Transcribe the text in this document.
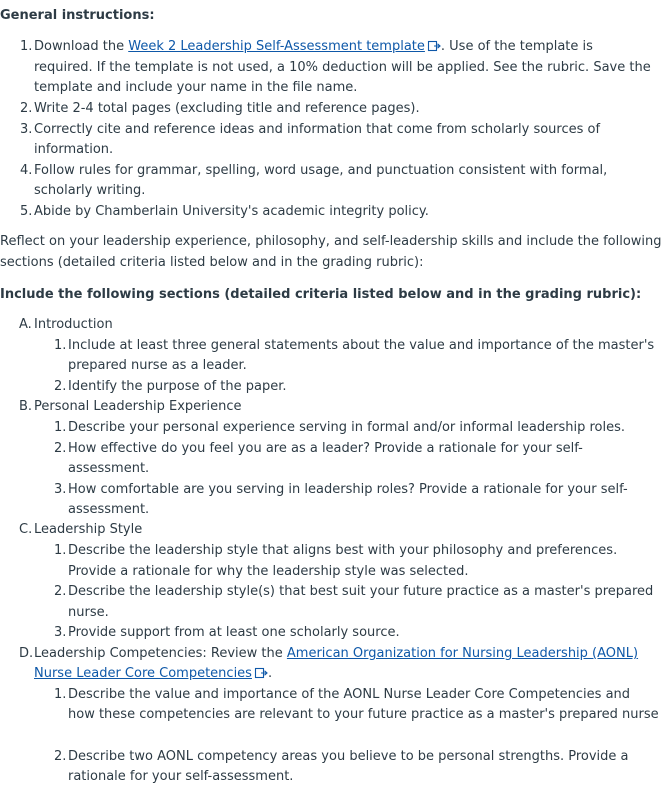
General instructions:
1. Download the Week 2 Leadership Self-Assessment template . Use of the template is
required. If the template is not used, a 10% deduction will be applied. See the rubric. Save the
template and include your name in the file name.
2. Write 2-4 total pages (excluding title and reference pages).
3. Correctly cite and reference ideas and information that come from scholarly sources of
information.
4. Follow rules for grammar, spelling, word usage, and punctuation consistent with formal,
scholarly writing.
5. Abide by Chamberlain University's academic integrity policy.
Reflect on your leadership experience, philosophy, and self-leadership skills and include the following
sections (detailed criteria listed below and in the grading rubric):
Include the following sections (detailed criteria listed below and in the grading rubric):
A. Introduction
1. Include at least three general statements about the value and importance of the master's
prepared nurse as a leader.
2. Identify the purpose of the paper.
B. Personal Leadership Experience
1. Describe your personal experience serving in formal and/or informal leadership roles.
2. How effective do you feel you are as a leader? Provide a rationale for your self-
assessment.
3. How comfortable are you serving in leadership roles? Provide a rationale for your self-
assessment.
C. Leadership Style
1. Describe the leadership style that aligns best with your philosophy and preferences.
Provide a rationale for why the leadership style was selected.
2. Describe the leadership style(s) that best suit your future practice as a master's prepared
nurse.
3. Provide support from at least one scholarly source.
D. Leadership Competencies: Review the American Organization for Nursing Leadership (AONL)
Nurse Leader Core Competencies .
1. Describe the value and importance of the AONL Nurse Leader Core Competencies and
how these competencies are relevant to your future practice as a master's prepared nurse
2. Describe two AONL competency areas you believe to be personal strengths. Provide a
rationale for your self-assessment.
